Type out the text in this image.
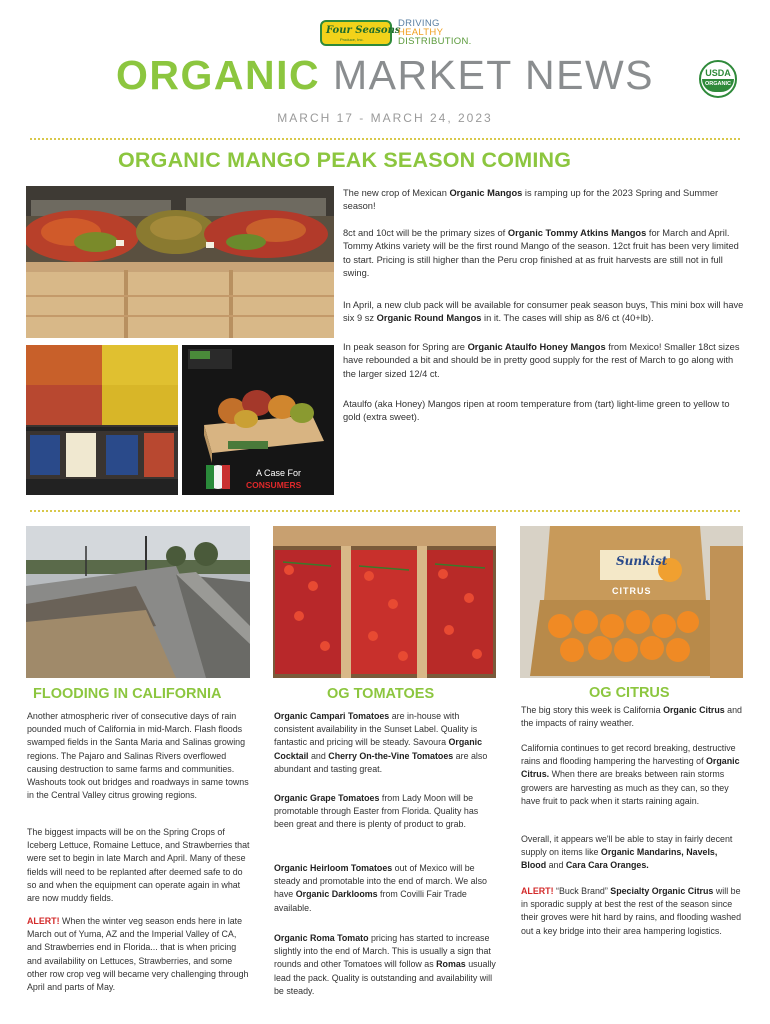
Four Seasons
Produce, Inc.
DRIVING
HEALTHY
DISTRIBUTION.
ORGANIC MARKET NEWS	USDA
ORGANIC
MARCH 17 - MARCH 24, 2023
ORGANIC MANGO PEAK SEASON COMING
A Case For
CONSUMERS
The new crop of Mexican Organic Mangos is ramping up for the 2023 Spring and Summer season!
8ct and 10ct will be the primary sizes of Organic Tommy Atkins Mangos for March and April. Tommy Atkins variety will be the first round Mango of the season. 12ct fruit has been very limited to start. Pricing is still higher than the Peru crop finished at as fruit harvests are still not in full swing.
In April, a new club pack will be available for consumer peak season buys, This mini box will have six 9 sz Organic Round Mangos in it. The cases will ship as 8/6 ct (40+lb).
In peak season for Spring are Organic Ataulfo Honey Mangos from Mexico! Smaller 18ct sizes have rebounded a bit and should be in pretty good supply for the rest of March to go along with the larger sized 12/4 ct.
Ataulfo (aka Honey) Mangos ripen at room temperature from (tart) light-lime green to yellow to gold (extra sweet).
Sunkist
CITRUS
FLOODING IN CALIFORNIA
Another atmospheric river of consecutive days of rain pounded much of California in mid-March. Flash floods swamped fields in the Santa Maria and Salinas growing regions. The Pajaro and Salinas Rivers overflowed causing destruction to same farms and communities. Washouts took out bridges and roadways in same towns in the Central Valley citrus growing regions.
The biggest impacts will be on the Spring Crops of Iceberg Lettuce, Romaine Lettuce, and Strawberries that were set to begin in late March and April. Many of these fields will need to be replanted after deemed safe to do so and when the equipment can operate again in what are now muddy fields.
ALERT! When the winter veg season ends here in late March out of Yuma, AZ and the Imperial Valley of CA, and Strawberries end in Florida... that is when pricing and availability on Lettuces, Strawberries, and some other row crop veg will became very challenging through April and parts of May.
OG TOMATOES
Organic Campari Tomatoes are in-house with consistent availability in the Sunset Label. Quality is fantastic and pricing will be steady. Savoura Organic Cocktail and Cherry On-the-Vine Tomatoes are also abundant and tasting great.
Organic Grape Tomatoes from Lady Moon will be promotable through Easter from Florida. Quality has been great and there is plenty of product to grab.
Organic Heirloom Tomatoes out of Mexico will be steady and promotable into the end of march. We also have Organic Darklooms from Covilli Fair Trade available.
Organic Roma Tomato pricing has started to increase slightly into the end of March. This is usually a sign that rounds and other Tomatoes will follow as Romas usually lead the pack. Quality is outstanding and availability will be steady.
OG CITRUS
The big story this week is California Organic Citrus and the impacts of rainy weather.
California continues to get record breaking, destructive rains and flooding hampering the harvesting of Organic Citrus. When there are breaks between rain storms growers are harvesting as much as they can, so they have fruit to pack when it starts raining again.
Overall, it appears we'll be able to stay in fairly decent supply on items like Organic Mandarins, Navels, Blood and Cara Cara Oranges.
ALERT! “Buck Brand” Specialty Organic Citrus will be in sporadic supply at best the rest of the season since their groves were hit hard by rains, and flooding washed out a key bridge into their area hampering logistics.
